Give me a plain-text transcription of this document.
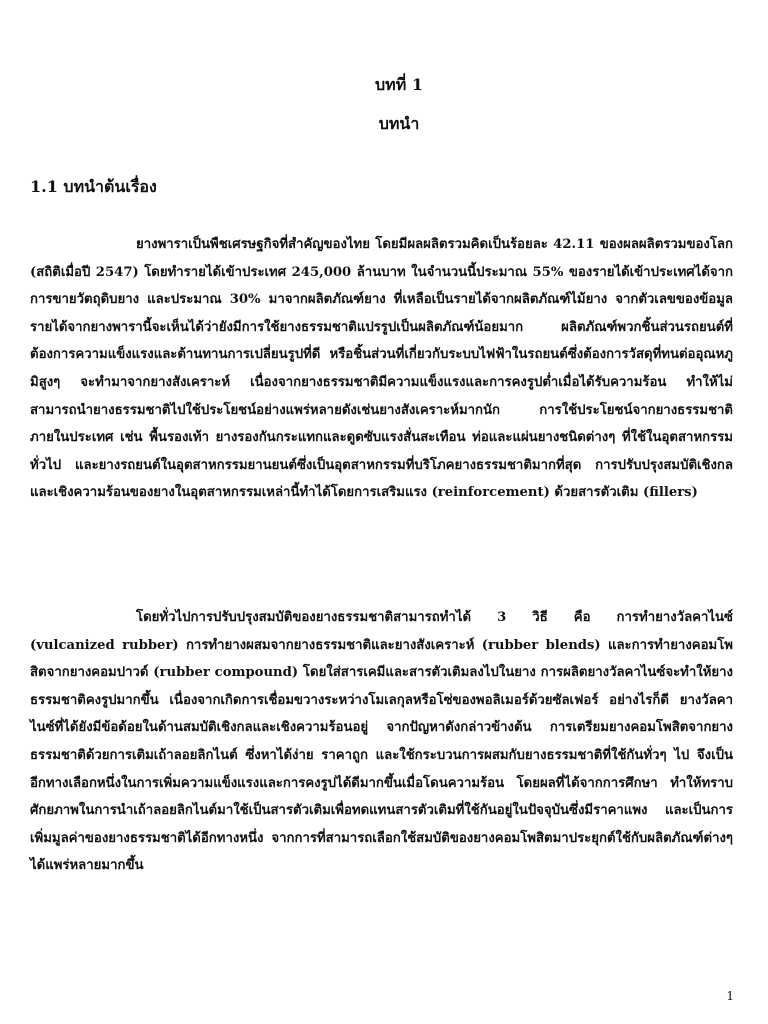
บทที่ 1
บทนำ
1.1 บทนำต้นเรื่อง

ยางพาราเป็นพืชเศรษฐกิจที่สำคัญของไทย โดยมีผลผลิตรวมคิดเป็นร้อยละ 42.11 ของผลผลิตรวมของโลก (สถิติเมื่อปี 2547) โดยทำรายได้เข้าประเทศ 245,000 ล้านบาท ในจำนวนนี้ประมาณ 55% ของรายได้เข้าประเทศได้จากการขายวัตถุดิบยาง และประมาณ 30% มาจากผลิตภัณฑ์ยาง ที่เหลือเป็นรายได้จากผลิตภัณฑ์ไม้ยาง จากตัวเลขของข้อมูลรายได้จากยางพารานี้จะเห็นได้ว่ายังมีการใช้ยางธรรมชาติแปรรูปเป็นผลิตภัณฑ์น้อยมาก ผลิตภัณฑ์พวกชิ้นส่วนรถยนต์ที่ต้องการความแข็งแรงและต้านทานการเปลี่ยนรูปที่ดี หรือชิ้นส่วนที่เกี่ยวกับระบบไฟฟ้าในรถยนต์ซึ่งต้องการวัสดุที่ทนต่ออุณหภูมิสูงๆ จะทำมาจากยางสังเคราะห์ เนื่องจากยางธรรมชาติมีความแข็งแรงและการคงรูปต่ำเมื่อได้รับความร้อน ทำให้ไม่สามารถนำยางธรรมชาติไปใช้ประโยชน์อย่างแพร่หลายดังเช่นยางสังเคราะห์มากนัก การใช้ประโยชน์จากยางธรรมชาติภายในประเทศ เช่น พื้นรองเท้า ยางรองกันกระแทกและดูดซับแรงสั่นสะเทือน ท่อและแผ่นยางชนิดต่างๆ ที่ใช้ในอุตสาหกรรมทั่วไป และยางรถยนต์ในอุตสาหกรรมยานยนต์ซึ่งเป็นอุตสาหกรรมที่บริโภคยางธรรมชาติมากที่สุด การปรับปรุงสมบัติเชิงกลและเชิงความร้อนของยางในอุตสาหกรรมเหล่านี้ทำได้โดยการเสริมแรง (reinforcement) ด้วยสารตัวเติม (fillers)

โดยทั่วไปการปรับปรุงสมบัติของยางธรรมชาติสามารถทำได้ 3 วิธี คือ การทำยางวัลคาไนซ์ (vulcanized rubber) การทำยางผสมจากยางธรรมชาติและยางสังเคราะห์ (rubber blends) และการทำยางคอมโพสิตจากยางคอมปาวด์ (rubber compound) โดยใส่สารเคมีและสารตัวเติมลงไปในยาง การผลิตยางวัลคาไนซ์จะทำให้ยางธรรมชาติคงรูปมากขึ้น เนื่องจากเกิดการเชื่อมขวางระหว่างโมเลกุลหรือโซ่ของพอลิเมอร์ด้วยซัลเฟอร์ อย่างไรก็ดี ยางวัลคาไนซ์ที่ได้ยังมีข้อด้อยในด้านสมบัติเชิงกลและเชิงความร้อนอยู่ จากปัญหาดังกล่าวข้างต้น การเตรียมยางคอมโพสิตจากยางธรรมชาติด้วยการเติมเถ้าลอยลิกไนต์ ซึ่งหาได้ง่าย ราคาถูก และใช้กระบวนการผสมกับยางธรรมชาติที่ใช้กันทั่วๆ ไป จึงเป็นอีกทางเลือกหนึ่งในการเพิ่มความแข็งแรงและการคงรูปได้ดีมากขึ้นเมื่อโดนความร้อน โดยผลที่ได้จากการศึกษา ทำให้ทราบศักยภาพในการนำเถ้าลอยลิกไนต์มาใช้เป็นสารตัวเติมเพื่อทดแทนสารตัวเติมที่ใช้กันอยู่ในปัจจุบันซึ่งมีราคาแพง และเป็นการเพิ่มมูลค่าของยางธรรมชาติได้อีกทางหนึ่ง จากการที่สามารถเลือกใช้สมบัติของยางคอมโพสิตมาประยุกต์ใช้กับผลิตภัณฑ์ต่างๆ ได้แพร่หลายมากขึ้น

1
